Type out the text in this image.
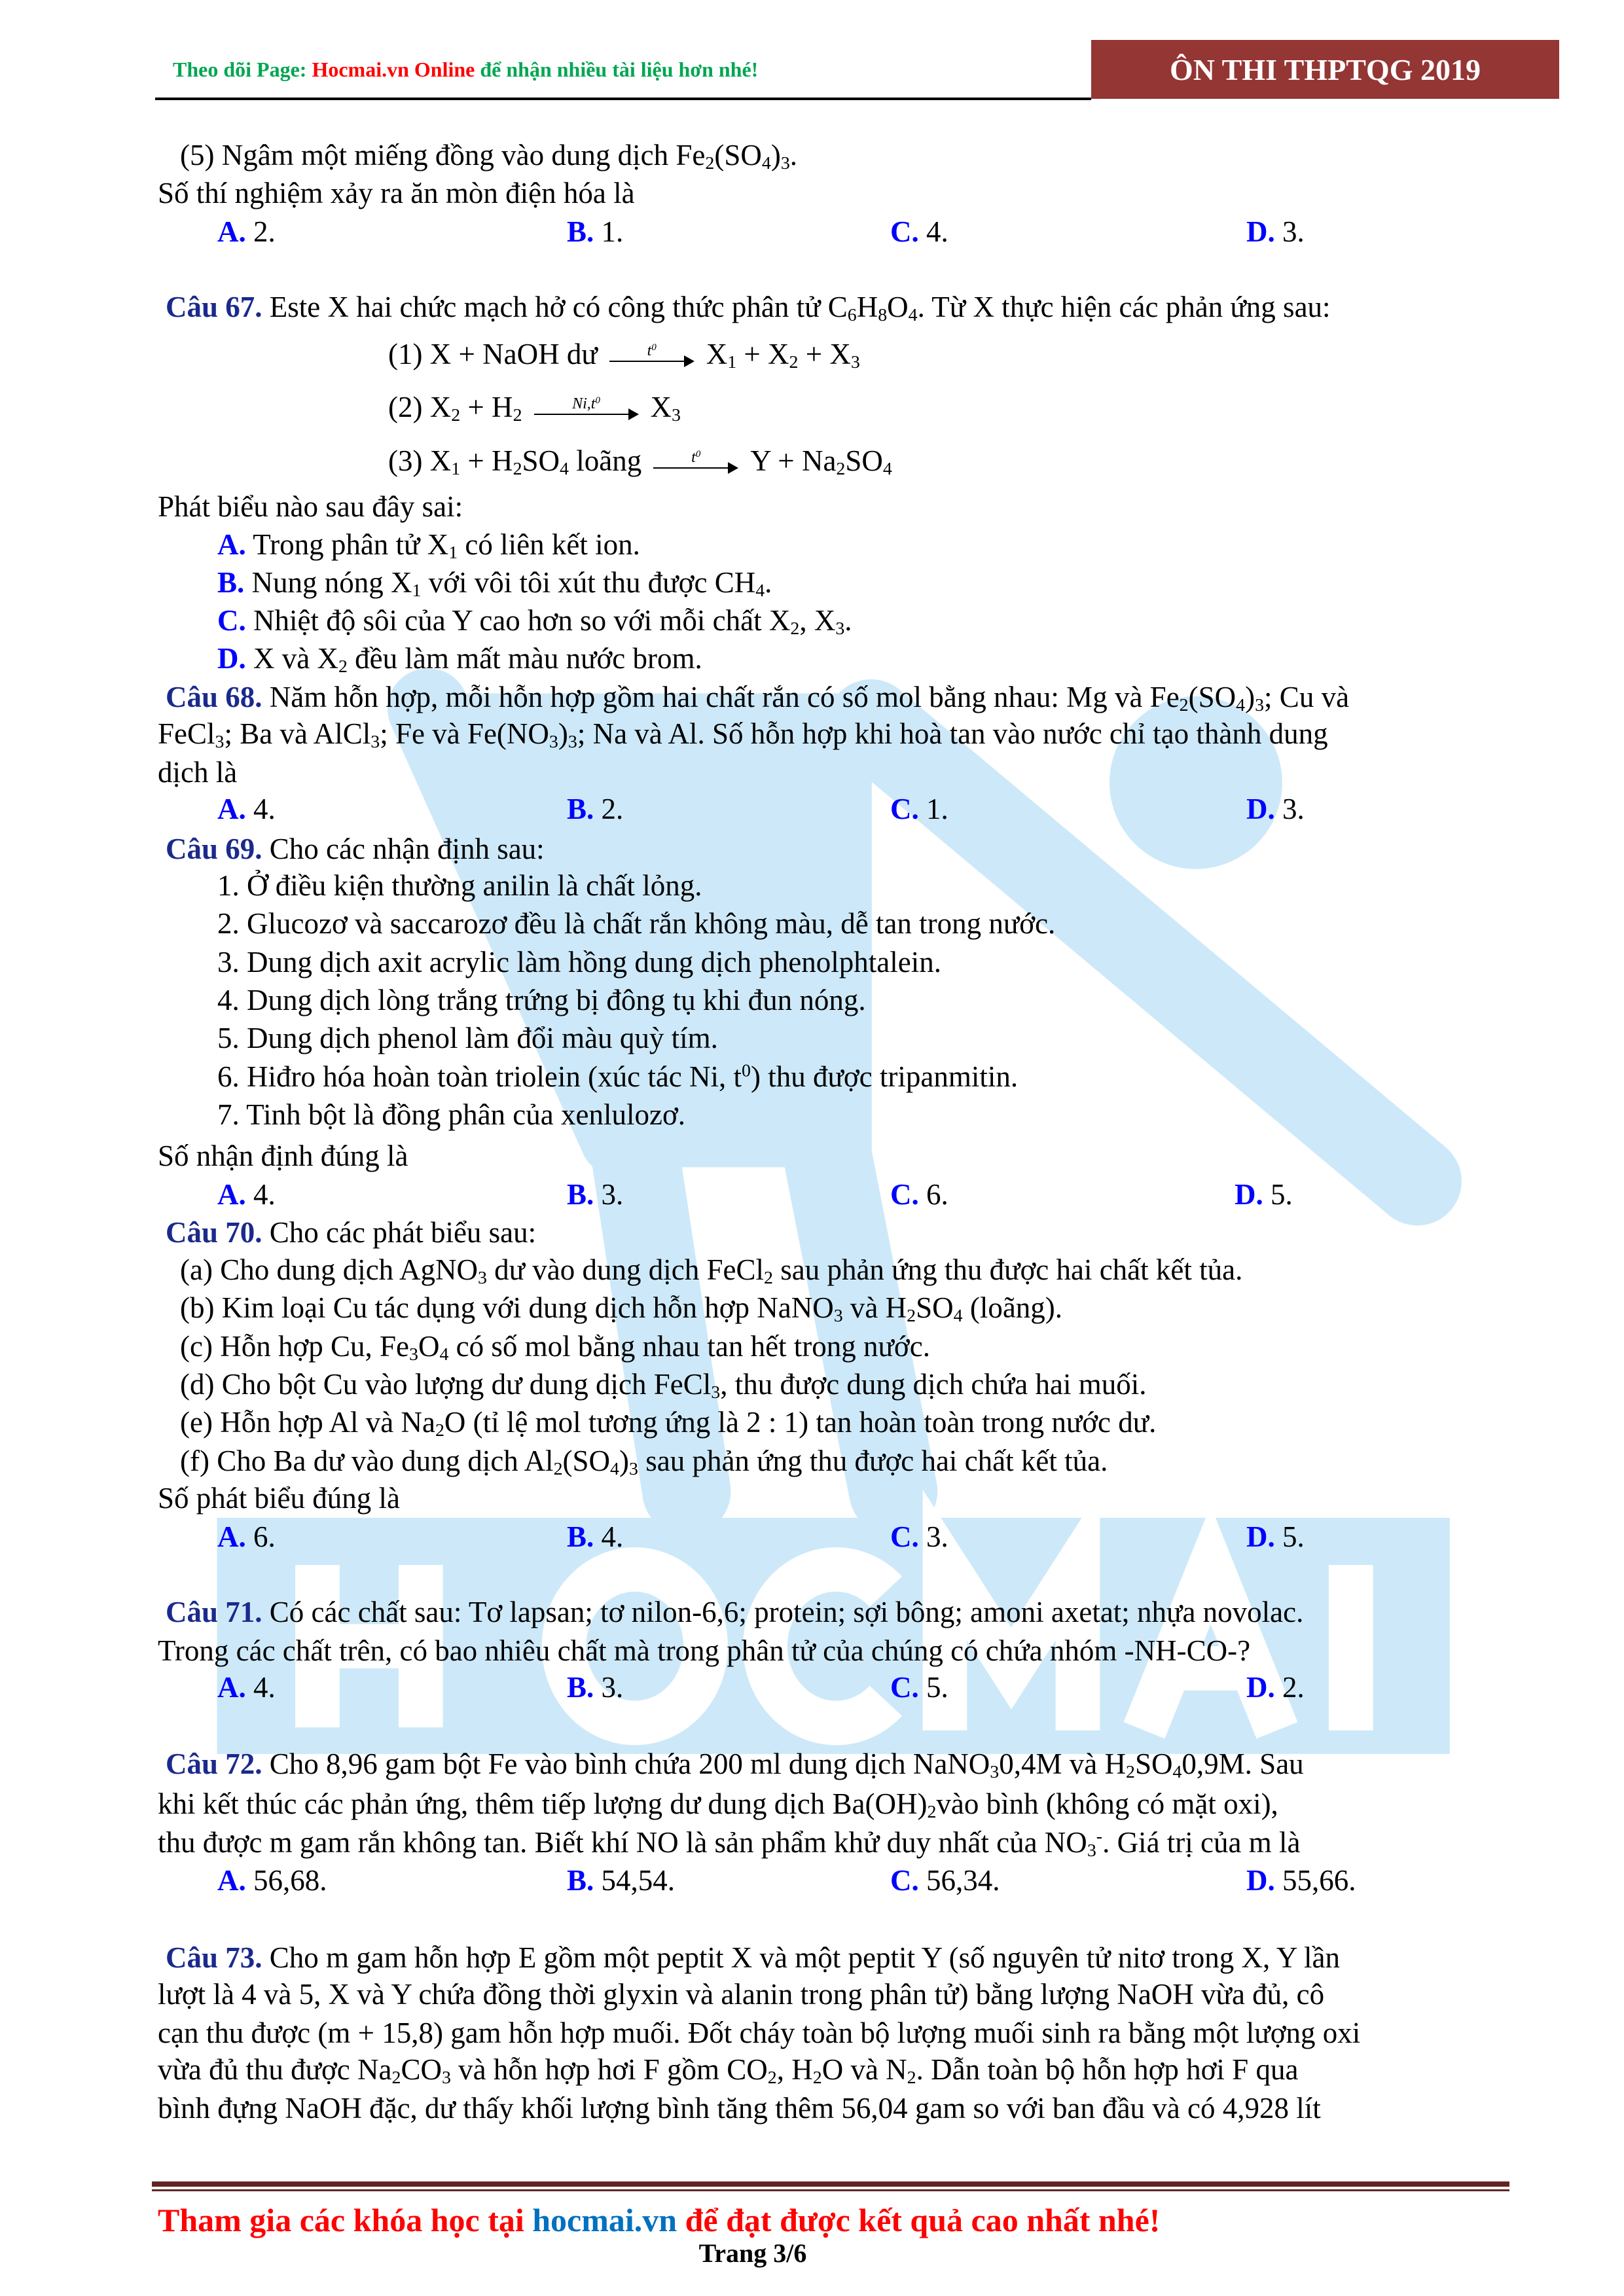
Theo dõi Page: Hocmai.vn Online để nhận nhiều tài liệu hơn nhé!	ÔN THI THPTQG 2019
(5) Ngâm một miếng đồng vào dung dịch $Fe_2(SO_4)_3$.
Số thí nghiệm xảy ra ăn mòn điện hóa là
A. 2.	B. 1.	C. 4.	D. 3.
Câu 67. Este X hai chức mạch hở có công thức phân tử $C_6H_8O_4$. Từ X thực hiện các phản ứng sau:
(1) X + NaOH dư	$t^0$	$X_1 + X_2 + X_3$
(2) $X_2 + H_2$
$Ni,t^0$	$X_3$
(3) $X_1 + H_2SO_4$ loãng	$t^0$	$Y + Na_2SO_4$
Phát biểu nào sau đây sai:
A. Trong phân tử $X_1$ có liên kết ion.
B. Nung nóng $X_1$ với vôi tôi xút thu được $CH_4$.
C. Nhiệt độ sôi của Y cao hơn so với mỗi chất $X_2$, $X_3$.
D. X và $X_2$ đều làm mất màu nước brom.
Câu 68. Năm hỗn hợp, mỗi hỗn hợp gồm hai chất rắn có số mol bằng nhau: Mg và $Fe_2(SO_4)_3$; Cu và
FeCl$_3$; Ba và AlCl$_3$; Fe và $Fe(NO_3)_3$; Na và Al. Số hỗn hợp khi hoà tan vào nước chỉ tạo thành dung
dịch là
A. 4.	B. 2.	C. 1.	D. 3.
Câu 69. Cho các nhận định sau:
1. Ở điều kiện thường anilin là chất lỏng.
2. Glucozơ và saccarozơ đều là chất rắn không màu, dễ tan trong nước.
3. Dung dịch axit acrylic làm hồng dung dịch phenolphtalein.
4. Dung dịch lòng trắng trứng bị đông tụ khi đun nóng.
5. Dung dịch phenol làm đổi màu quỳ tím.
6. Hiđro hóa hoàn toàn triolein (xúc tác Ni, $t^0$) thu được tripanmitin.
7. Tinh bột là đồng phân của xenlulozơ.
Số nhận định đúng là
A. 4.	B. 3.	C. 6.	D. 5.
Câu 70. Cho các phát biểu sau:
(a) Cho dung dịch AgNO$_3$ dư vào dung dịch FeCl$_2$ sau phản ứng thu được hai chất kết tủa.
(b) Kim loại Cu tác dụng với dung dịch hỗn hợp NaNO$_3$ và $H_2SO_4$ (loãng).
(c) Hỗn hợp Cu, $Fe_3O_4$ có số mol bằng nhau tan hết trong nước.
(d) Cho bột Cu vào lượng dư dung dịch FeCl$_3$, thu được dung dịch chứa hai muối.
(e) Hỗn hợp Al và $Na_2O$ (tỉ lệ mol tương ứng là 2 : 1) tan hoàn toàn trong nước dư.
(f) Cho Ba dư vào dung dịch $Al_2(SO_4)_3$ sau phản ứng thu được hai chất kết tủa.
Số phát biểu đúng là
A. 6.	B. 4.	C. 3.	D. 5.
Câu 71. Có các chất sau: Tơ lapsan; tơ nilon-6,6; protein; sợi bông; amoni axetat; nhựa novolac.
Trong các chất trên, có bao nhiêu chất mà trong phân tử của chúng có chứa nhóm -NH-CO-?
A. 4.	B. 3.	C. 5.	D. 2.
Câu 72. Cho 8,96 gam bột Fe vào bình chứa 200 ml dung dịch NaNO$_3$0,4M và $H_2SO_40,9M$. Sau
khi kết thúc các phản ứng, thêm tiếp lượng dư dung dịch $Ba(OH)_2vào$ bình (không có mặt oxi),
thu được m gam rắn không tan. Biết khí NO là sản phẩm khử duy nhất của $NO_3^-$. Giá trị của m là
A. 56,68.	B. 54,54.	C. 56,34.	D. 55,66.
Câu 73. Cho m gam hỗn hợp E gồm một peptit X và một peptit Y (số nguyên tử nitơ trong X, Y lần
lượt là 4 và 5, X và Y chứa đồng thời glyxin và alanin trong phân tử) bằng lượng NaOH vừa đủ, cô
cạn thu được (m + 15,8) gam hỗn hợp muối. Đốt cháy toàn bộ lượng muối sinh ra bằng một lượng oxi
vừa đủ thu được $Na_2CO_3$ và hỗn hợp hơi F gồm $CO_2$, $H_2O$ và $N_2$. Dẫn toàn bộ hỗn hợp hơi F qua
bình đựng NaOH đặc, dư thấy khối lượng bình tăng thêm 56,04 gam so với ban đầu và có 4,928 lít
Tham gia các khóa học tại hocmai.vn để đạt được kết quả cao nhất nhé!
Trang 3/6
